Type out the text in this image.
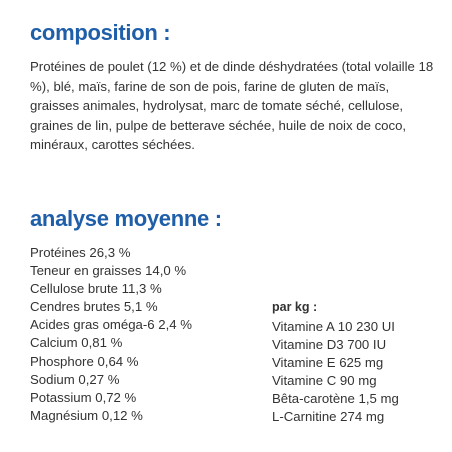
composition :

Protéines de poulet (12 %) et de dinde déshydratées (total volaille 18 %), blé, maïs, farine de son de pois, farine de gluten de maïs, graisses animales, hydrolysat, marc de tomate séché, cellulose, graines de lin, pulpe de betterave séchée, huile de noix de coco, minéraux, carottes séchées.

analyse moyenne :
Protéines 26,3 %
Teneur en graisses 14,0 %
Cellulose brute 11,3 %
Cendres brutes 5,1 %
Acides gras oméga-6 2,4 %
Calcium 0,81 %
Phosphore 0,64 %
Sodium 0,27 %
Potassium 0,72 %
Magnésium 0,12 %
par kg :
Vitamine A 10 230 UI
Vitamine D3 700 IU
Vitamine E 625 mg
Vitamine C 90 mg
Bêta-carotène 1,5 mg
L-Carnitine 274 mg
